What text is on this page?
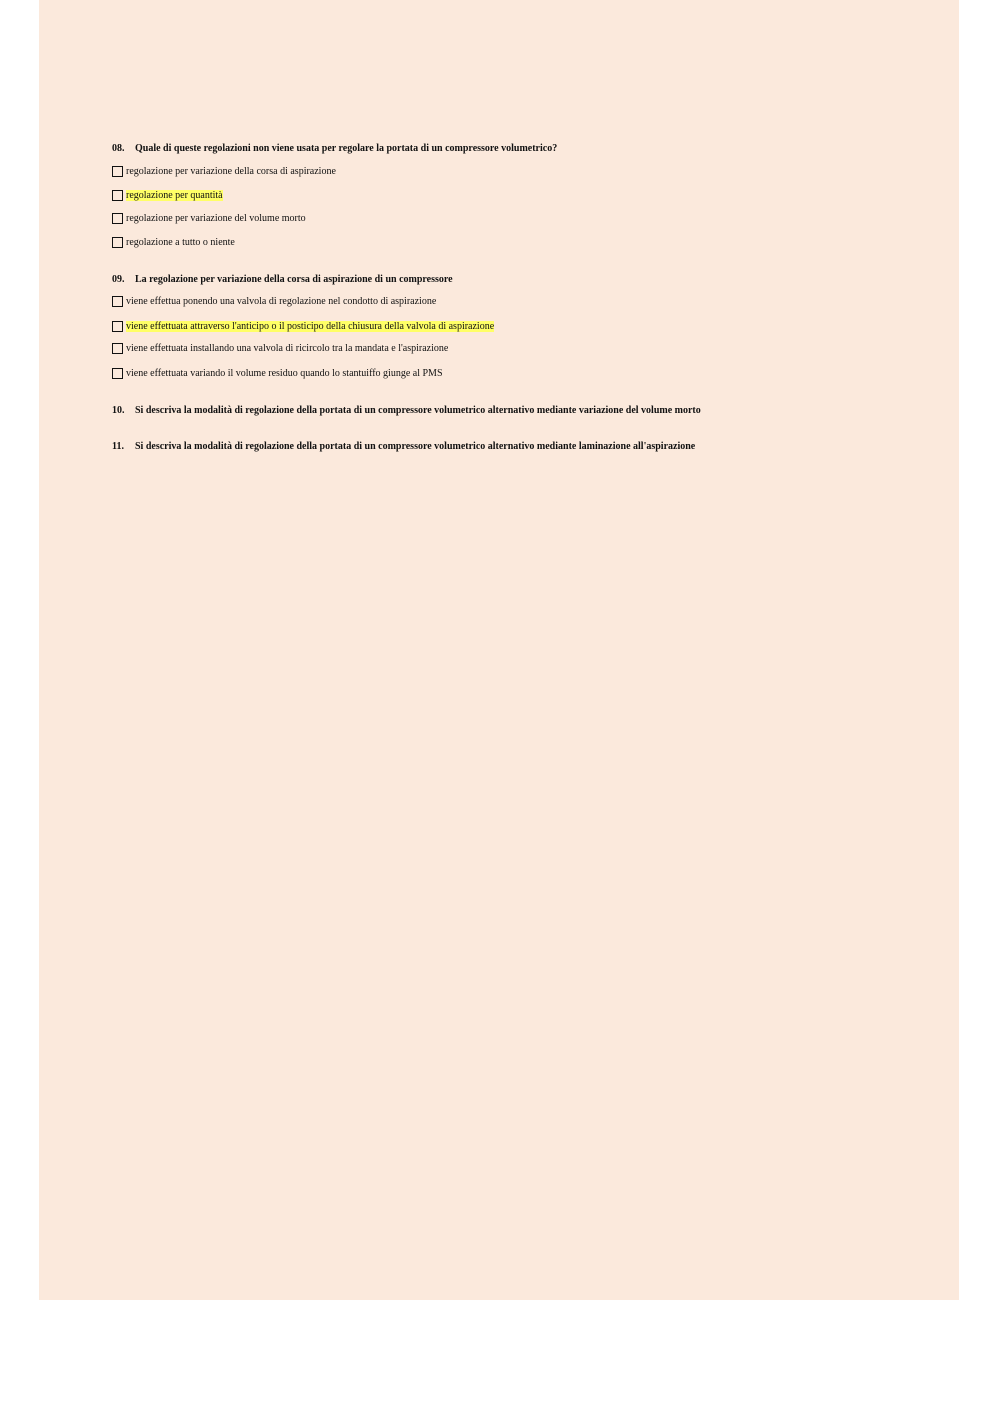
08. Quale di queste regolazioni non viene usata per regolare la portata di un compressore volumetrico?
regolazione per variazione della corsa di aspirazione
regolazione per quantità
regolazione per variazione del volume morto
regolazione a tutto o niente
09. La regolazione per variazione della corsa di aspirazione di un compressore
viene effettua ponendo una valvola di regolazione nel condotto di aspirazione
viene effettuata attraverso l'anticipo o il posticipo della chiusura della valvola di aspirazione
viene effettuata installando una valvola di ricircolo tra la mandata e l'aspirazione
viene effettuata variando il volume residuo quando lo stantuiffo giunge al PMS
10. Si descriva la modalità di regolazione della portata di un compressore volumetrico alternativo mediante variazione del volume morto
11. Si descriva la modalità di regolazione della portata di un compressore volumetrico alternativo mediante laminazione all'aspirazione
